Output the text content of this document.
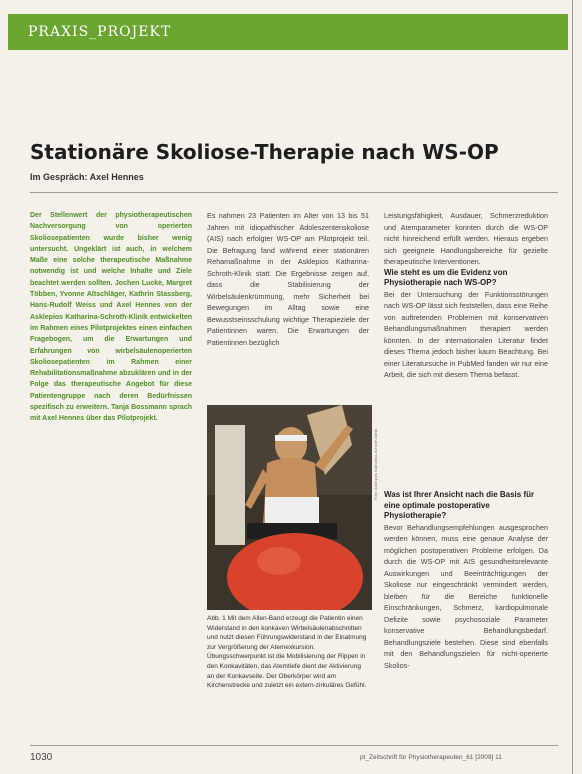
PRAXIS_PROJEKT
Stationäre Skoliose-Therapie nach WS-OP
Im Gespräch: Axel Hennes

Der Stellenwert der physiotherapeutischen Nachversorgung von operierten Skoliosepatienten wurde bisher wenig untersucht. Ungeklärt ist auch, in welchem Maße eine solche therapeutische Maßnahme notwendig ist und welche Inhalte und Ziele beachtet werden sollten. Jochen Lucke, Margret Többen, Yvonne Altschläger, Kathrin Stassberg, Hans-Rudolf Weiss und Axel Hennes von der Asklepios Katharina-Schroth-Klinik entwickelten im Rahmen eines Pilotprojektes einen einfachen Fragebogen, um die Erwartungen und Erfahrungen von wirbelsäulenoperierten Skoliosepatienten im Rahmen einer Rehabilitationsmaßnahme abzuklären und in der Folge das therapeutische Angebot für diese Patientengruppe nach deren Bedürfnissen spezifisch zu erweitern. Tanja Bossmann sprach mit Axel Hennes über das Pilotprojekt.

Es nahmen 23 Patienten im Alter von 13 bis 51 Jahren mit idiopathischer Adoleszentenskoliose (AIS) nach erfolgter WS-OP am Pilotprojekt teil. Die Befragung fand während einer stationären Rehamaßnahme in der Asklepios Katharina-Schroth-Klinik statt. Die Ergebnisse zeigen auf, dass die Stabilisierung der Wirbelsäulenkrümmung, mehr Sicherheit bei Bewegungen im Alltag sowie eine Bewusstseinsschulung wichtige Therapieziele der Patientinnen waren. Die Erwartungen der Patientinnen bezüglich

Foto: Asklepios Katharina-Schroth-Klinik
Abb. 1 Mit dem Allen-Band erzeugt die Patientin einen Widerstand in den konkaven Wirbelsäulenabschnitten und nutzt diesen Führungswiderstand in der Einatmung zur Vergrößerung der Atemexkursion. Übungsschwerpunkt ist die Mobilisierung der Rippen in den Konkavitäten, das Atemtiefe dient der Aktivierung an der Konkavseite. Der Oberkörper wird am Kirchenstrecke und zuletzt ein extern-zirkuläres Gefühl.

Leistungsfähigkeit, Ausdauer, Schmerzreduktion und Atemparameter konnten durch die WS-OP nicht hinreichend erfüllt werden. Hieraus ergeben sich geeignete Handlungsbereiche für gezielte therapeutische Interventionen.

Wie steht es um die Evidenz von Physiotherapie nach WS-OP?

Bei der Untersuchung der Funktionsstörungen nach WS-OP lässt sich feststellen, dass eine Reihe von auftretenden Problemen mit konservativen Behandlungsmaßnahmen therapiert werden könnten. In der internationalen Literatur findet dieses Thema jedoch bisher kaum Beachtung. Bei einer Literatursuche in PubMed fanden wir nur eine Arbeit, die sich mit diesem Thema befasst.

Was ist Ihrer Ansicht nach die Basis für eine optimale postoperative Physiotherapie?

Bevor Behandlungsempfehlungen ausgesprochen werden können, muss eine genaue Analyse der möglichen postoperativen Probleme erfolgen. Da durch die WS-OP mit AIS gesundheitsrelevante Auswirkungen und Beeinträchtigungen der Skoliose nur eingeschränkt vermindert werden, bleiben für die Bereiche funktionelle Einschränkungen, Schmerz, kardiopulmonale Defizite sowie psychosoziale Parameter konservative Behandlungsbedarf. Behandlungsziele bestehen. Diese sind ebenfalls mit den Behandlungszielen für nicht-operierte Skolios-

1030	pt_Zeitschrift für Physiotherapeuten_61 [2009] 11
